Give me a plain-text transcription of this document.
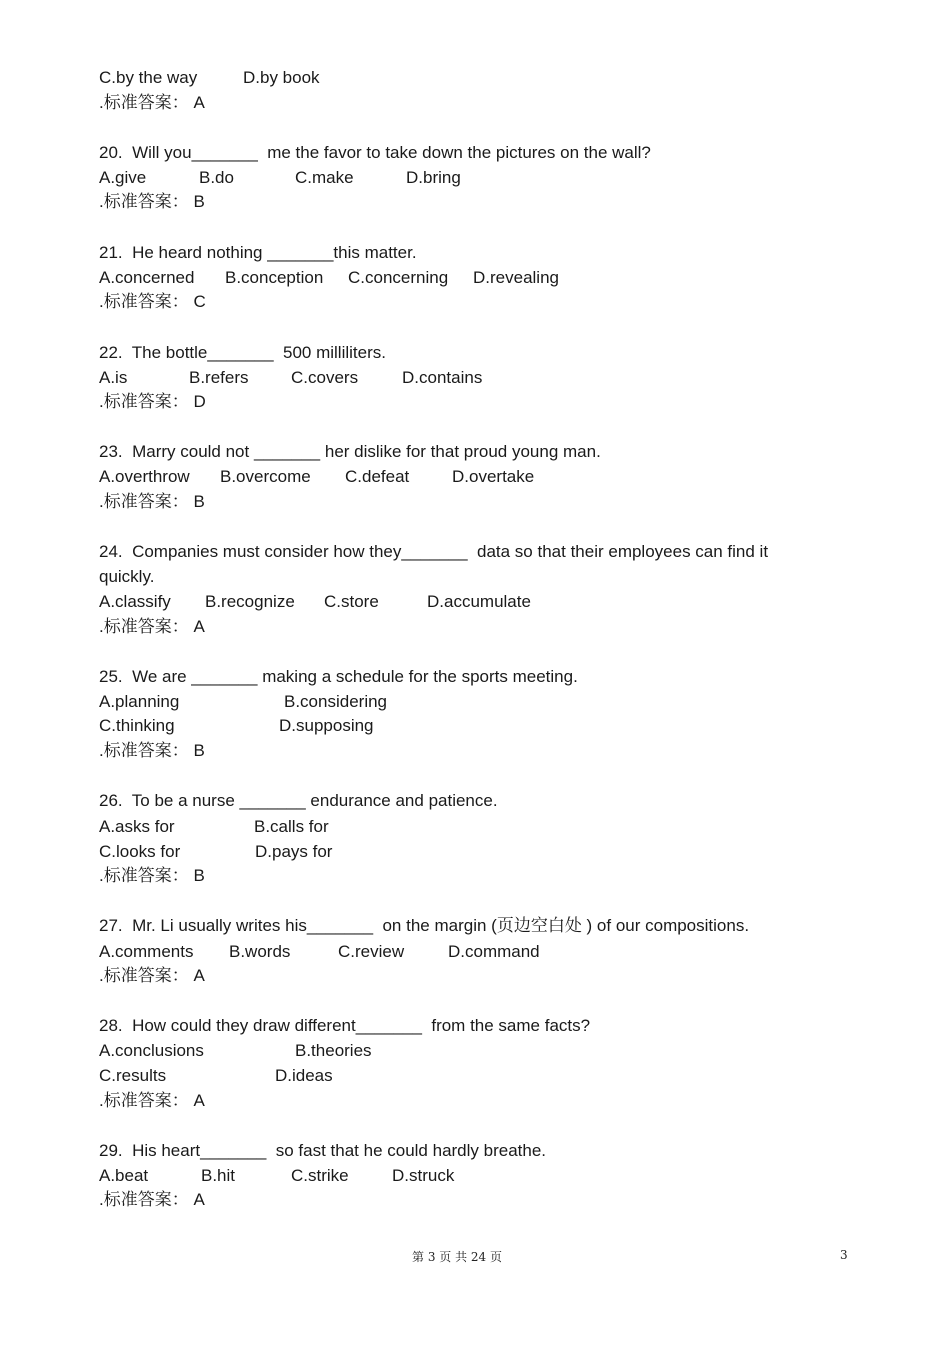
C.by the way

	D.by book

.标准答案： A
20.  Will you_______  me the favor to take down the pictures on the wall?

A.give

	B.do

	C.make

	D.bring

.标准答案： B
21.  He heard nothing _______this matter.

A.concerned

B.conception

C.concerning

D.revealing

.标准答案： C
22.  The bottle_______  500 milliliters.

A.is

	B.refers

C.covers

	D.contains

.标准答案： D
23.  Marry could not _______ her dislike for that proud young man.

A.overthrow

B.overcome

C.defeat

	D.overtake

.标准答案： B
24.  Companies must consider how they_______  data so that their employees can find it
quickly.

A.classify

B.recognize

C.store

	D.accumulate

.标准答案： A
25.  We are _______ making a schedule for the sports meeting.

A.planning

	B.considering

C.thinking

	D.supposing

.标准答案： B
26.  To be a nurse _______ endurance and patience.

A.asks for

	B.calls for

C.looks for

	D.pays for

.标准答案： B
27.  Mr. Li usually writes his_______  on the margin (页边空白处 ) of our compositions.

A.comments

B.words

	C.review

	D.command

.标准答案： A
28.  How could they draw different_______  from the same facts?

A.conclusions

	B.theories

C.results

	D.ideas

.标准答案： A
29.  His heart_______  so fast that he could hardly breathe.

A.beat

	B.hit

	C.strike

	D.struck

.标准答案： A
第 3 页 共 24 页	3
